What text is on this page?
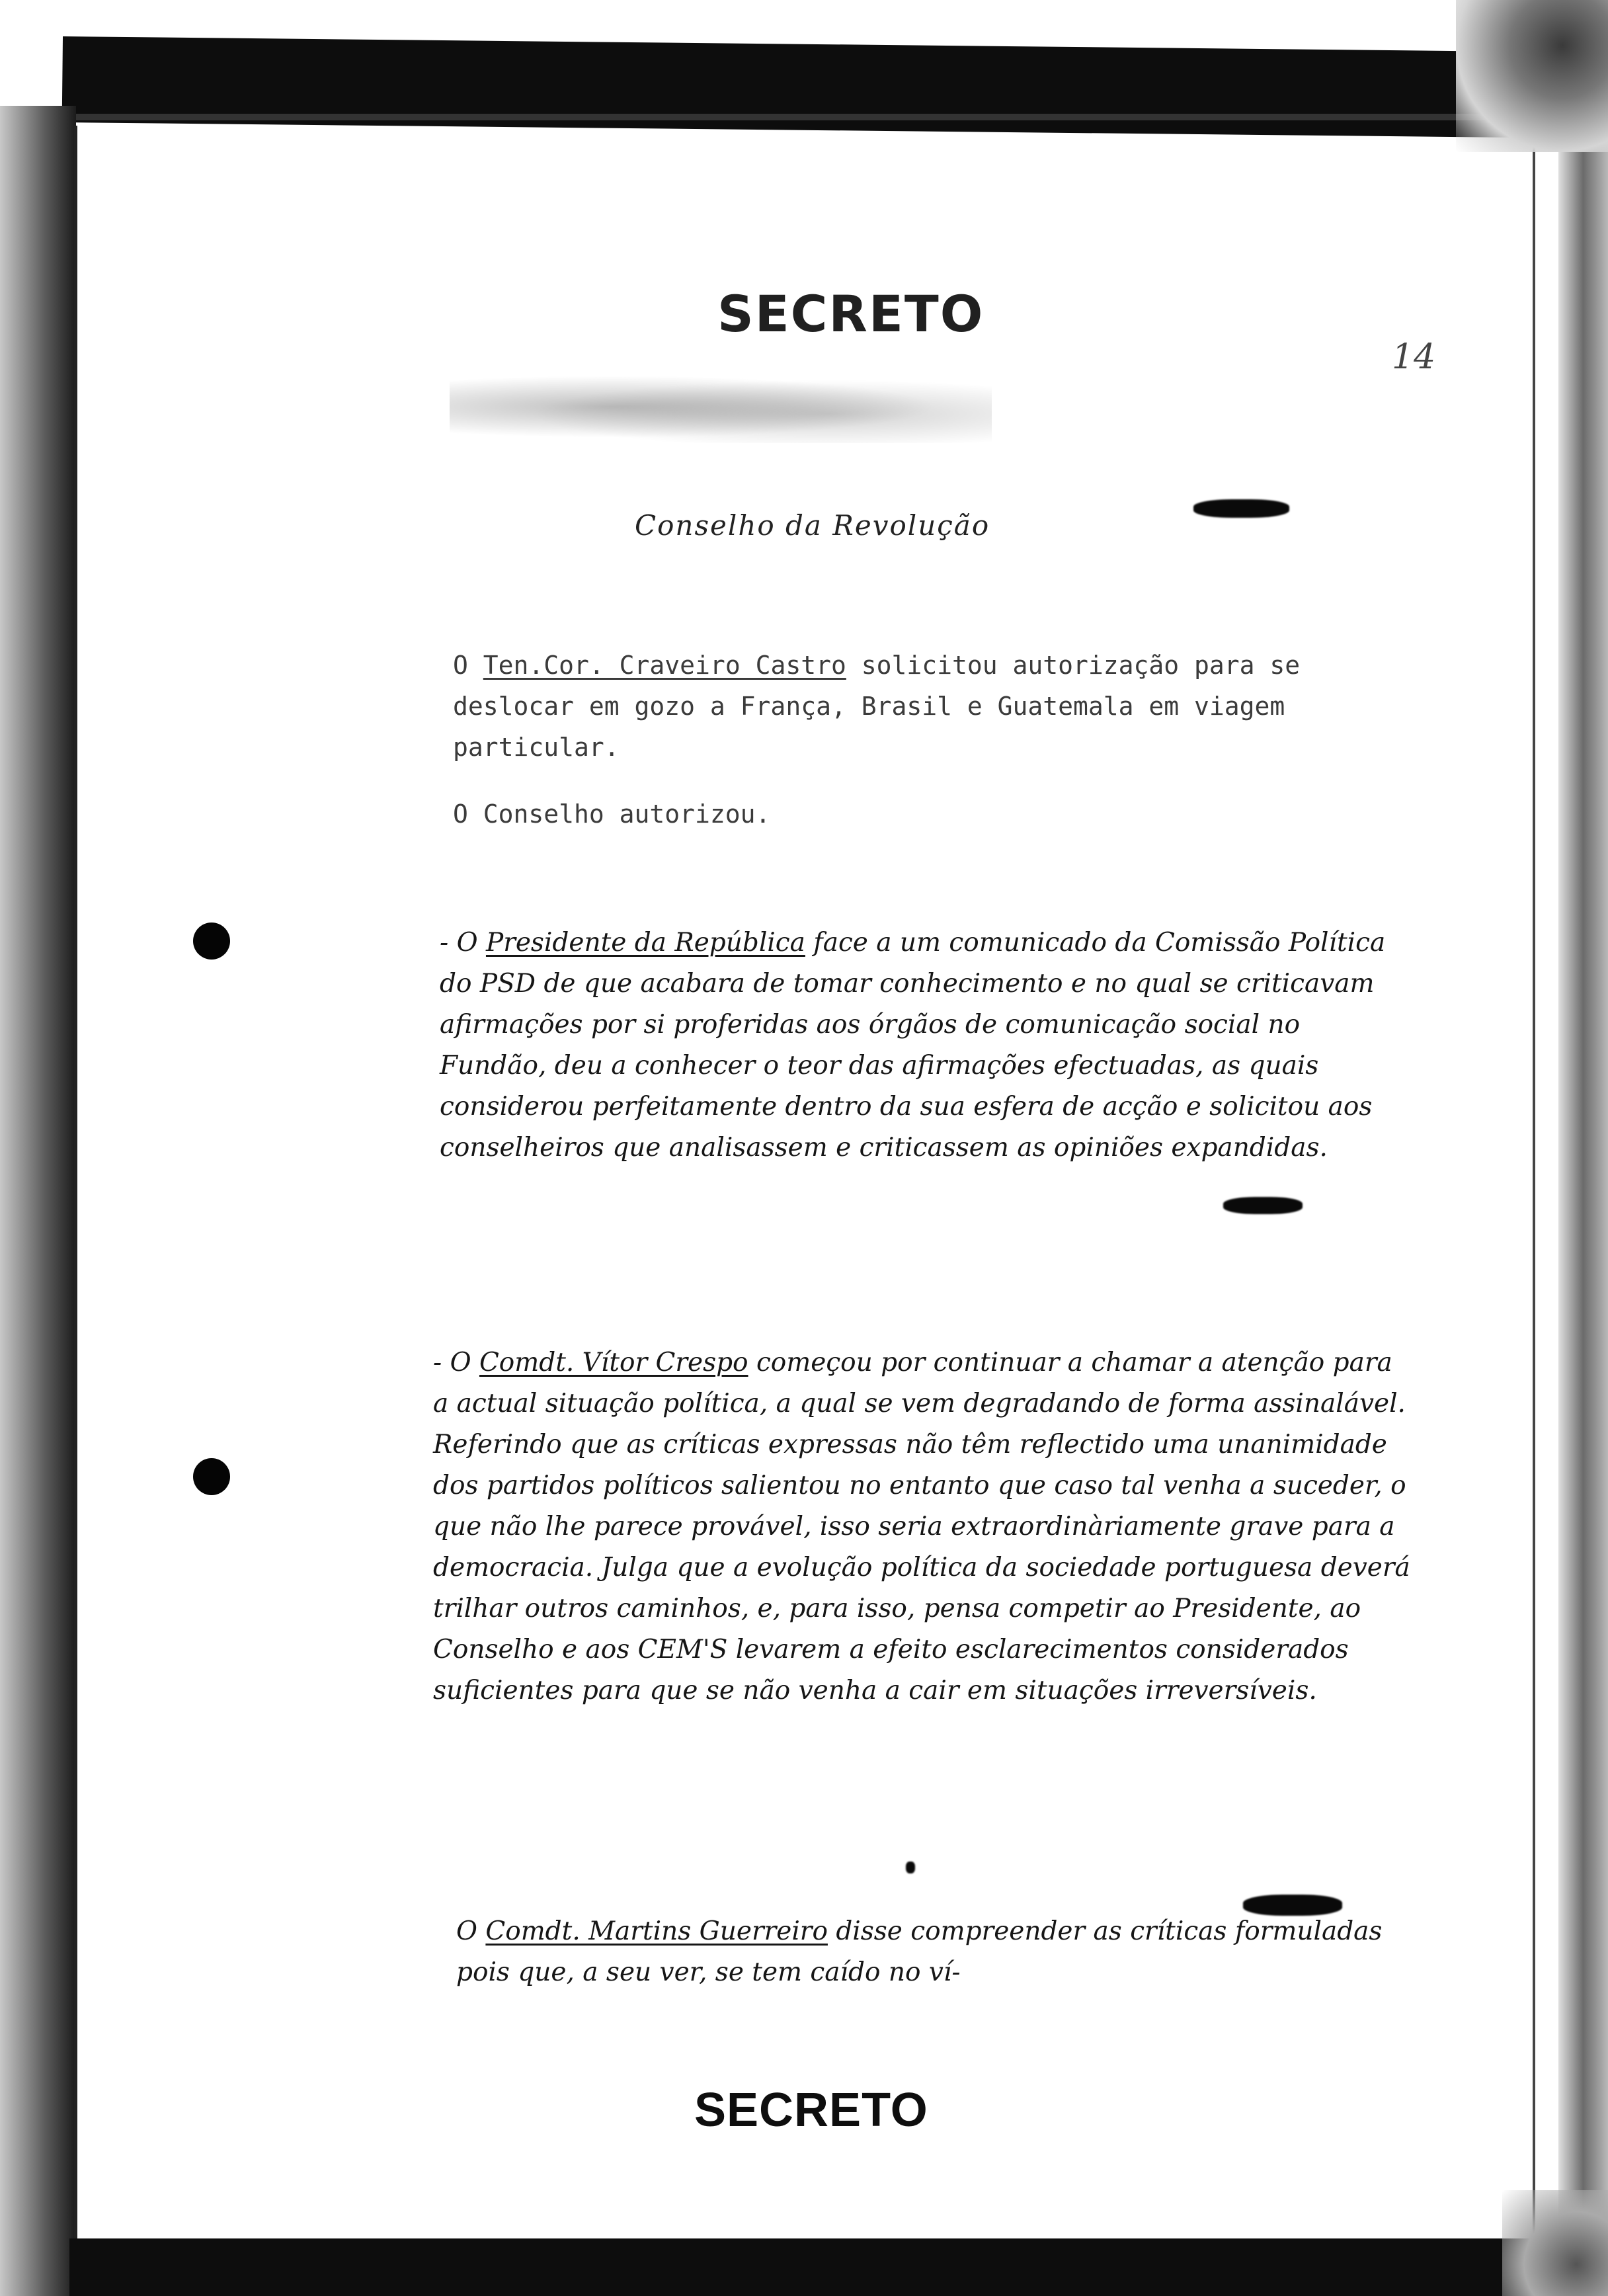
SECRETO
14
Conselho da Revolução

O Ten.Cor. Craveiro Castro solicitou autorização para se deslocar em gozo a França, Brasil e Guatemala em viagem particular.

O Conselho autorizou.

- O Presidente da República face a um comunicado da Comissão Política do PSD de que acabara de tomar conhecimento e no qual se criticavam afirmações por si proferidas aos órgãos de comunicação social no Fundão, deu a conhecer o teor das afirmações efectuadas, as quais considerou perfeitamente dentro da sua esfera de acção e solicitou aos conselheiros que analisassem e criticassem as opiniões expandidas.

- O Comdt. Vítor Crespo começou por continuar a chamar a atenção para a actual situação política, a qual se vem degradando de forma assinalável. Referindo que as críticas expressas não têm reflectido uma unanimidade dos partidos políticos salientou no entanto que caso tal venha a suceder, o que não lhe parece provável, isso seria extraordinàriamente grave para a democracia. Julga que a evolução política da sociedade portuguesa deverá trilhar outros caminhos, e, para isso, pensa competir ao Presidente, ao Conselho e aos CEM'S levarem a efeito esclarecimentos considerados suficientes para que se não venha a cair em situações irreversíveis.

O Comdt. Martins Guerreiro disse compreender as críticas formuladas pois que, a seu ver, se tem caído no ví-

SECRETO
